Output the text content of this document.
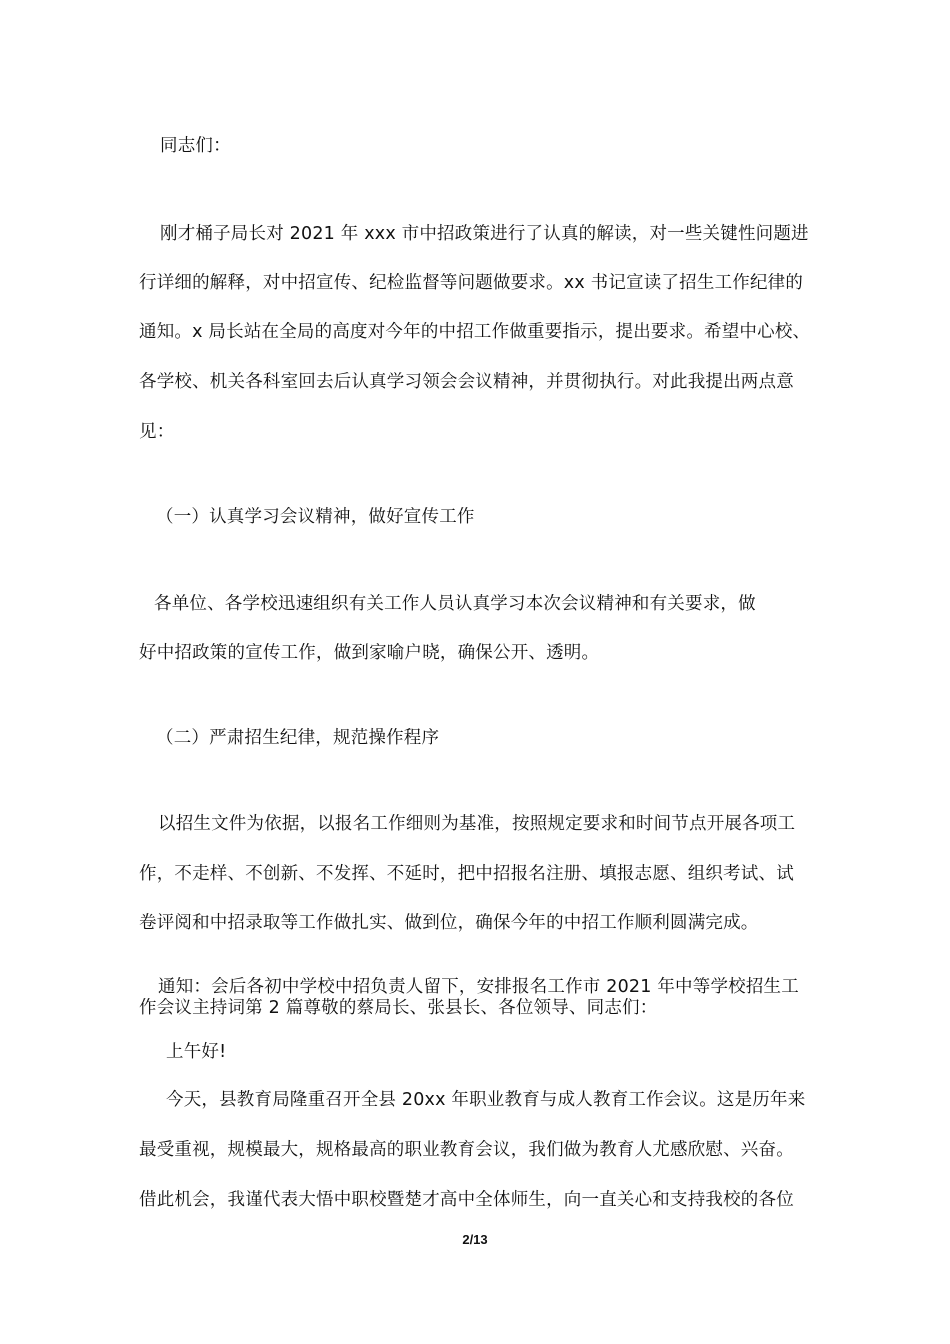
同志们：

刚才桶子局长对 2021 年 xxx 市中招政策进行了认真的解读，对一些关键性问题进

行详细的解释，对中招宣传、纪检监督等问题做要求。xx 书记宣读了招生工作纪律的

通知。x 局长站在全局的高度对今年的中招工作做重要指示，提出要求。希望中心校、

各学校、机关各科室回去后认真学习领会会议精神，并贯彻执行。对此我提出两点意

见：

（一）认真学习会议精神，做好宣传工作

各单位、各学校迅速组织有关工作人员认真学习本次会议精神和有关要求，做

好中招政策的宣传工作，做到家喻户晓，确保公开、透明。

（二）严肃招生纪律，规范操作程序

以招生文件为依据，以报名工作细则为基准，按照规定要求和时间节点开展各项工

作，不走样、不创新、不发挥、不延时，把中招报名注册、填报志愿、组织考试、试

卷评阅和中招录取等工作做扎实、做到位，确保今年的中招工作顺利圆满完成。

通知：会后各初中学校中招负责人留下，安排报名工作市 2021 年中等学校招生工

作会议主持词第 2 篇尊敬的蔡局长、张县长、各位领导、同志们：

上午好!

今天，县教育局隆重召开全县 20xx 年职业教育与成人教育工作会议。这是历年来

最受重视，规模最大，规格最高的职业教育会议，我们做为教育人尤感欣慰、兴奋。

借此机会，我谨代表大悟中职校暨楚才高中全体师生，向一直关心和支持我校的各位

2/13
